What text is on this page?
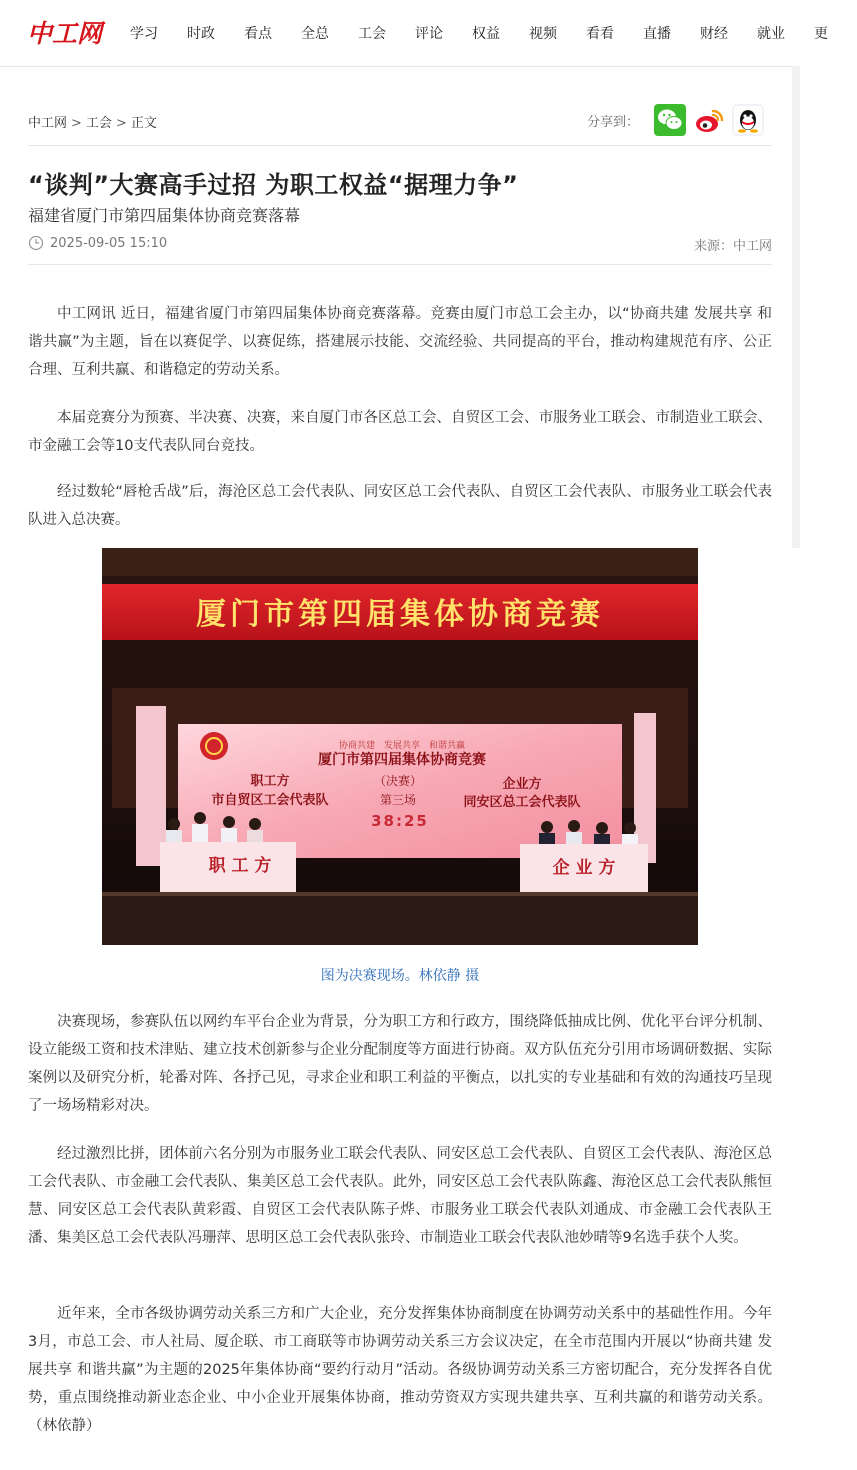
中工网 学习 时政 看点 全总 工会 评论 权益 视频 看看 直播 财经 就业 更
中工网 > 工会 > 正文	分享到：
“谈判”大赛高手过招 为职工权益“据理力争”
福建省厦门市第四届集体协商竞赛落幕
2025-09-05 15:10	来源：中工网

中工网讯 近日，福建省厦门市第四届集体协商竞赛落幕。竞赛由厦门市总工会主办，以“协商共建 发展共享 和谐共赢”为主题，旨在以赛促学、以赛促练，搭建展示技能、交流经验、共同提高的平台，推动构建规范有序、公正合理、互利共赢、和谐稳定的劳动关系。

本届竞赛分为预赛、半决赛、决赛，来自厦门市各区总工会、自贸区工会、市服务业工联会、市制造业工联会、市金融工会等10支代表队同台竞技。

经过数轮“唇枪舌战”后，海沧区总工会代表队、同安区总工会代表队、自贸区工会代表队、市服务业工联会代表队进入总决赛。

厦门市第四届集体协商竞赛
协商共建　发展共享　和谐共赢
厦门市第四届集体协商竞赛
职工方
市自贸区工会代表队
（决赛）
第三场
企业方
同安区总工会代表队
38:25
职 工 方	企 业 方
图为决赛现场。林依静 摄

决赛现场，参赛队伍以网约车平台企业为背景，分为职工方和行政方，围绕降低抽成比例、优化平台评分机制、设立能级工资和技术津贴、建立技术创新参与企业分配制度等方面进行协商。双方队伍充分引用市场调研数据、实际案例以及研究分析，轮番对阵、各抒己见，寻求企业和职工利益的平衡点，以扎实的专业基础和有效的沟通技巧呈现了一场场精彩对决。

经过激烈比拼，团体前六名分别为市服务业工联会代表队、同安区总工会代表队、自贸区工会代表队、海沧区总工会代表队、市金融工会代表队、集美区总工会代表队。此外，同安区总工会代表队陈鑫、海沧区总工会代表队熊恒慧、同安区总工会代表队黄彩霞、自贸区工会代表队陈子烨、市服务业工联会代表队刘通成、市金融工会代表队王潘、集美区总工会代表队冯珊萍、思明区总工会代表队张玲、市制造业工联会代表队池妙晴等9名选手获个人奖。

近年来，全市各级协调劳动关系三方和广大企业，充分发挥集体协商制度在协调劳动关系中的基础性作用。今年3月，市总工会、市人社局、厦企联、市工商联等市协调劳动关系三方会议决定，在全市范围内开展以“协商共建 发展共享 和谐共赢”为主题的2025年集体协商“要约行动月”活动。各级协调劳动关系三方密切配合，充分发挥各自优势，重点围绕推动新业态企业、中小企业开展集体协商，推动劳资双方实现共建共享、互利共赢的和谐劳动关系。（林依静）
